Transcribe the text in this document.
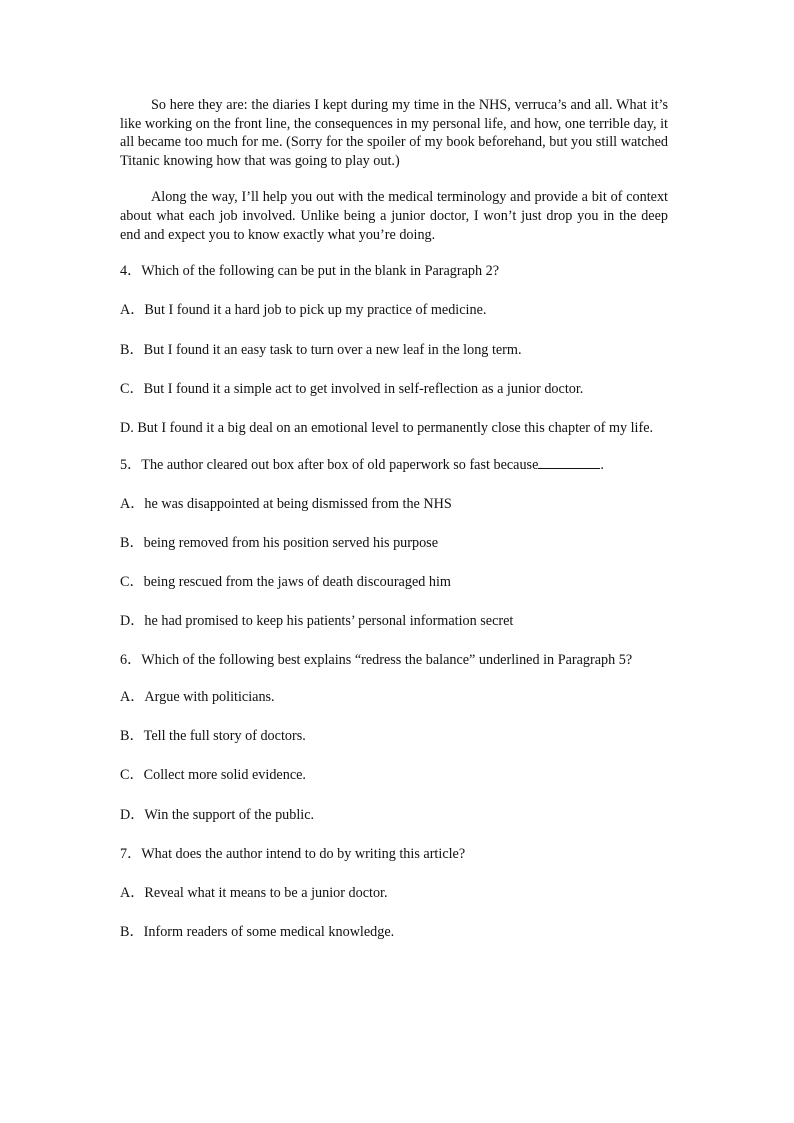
So here they are: the diaries I kept during my time in the NHS, verruca’s and all. What it’s like working on the front line, the consequences in my personal life, and how, one terrible day, it all became too much for me. (Sorry for the spoiler of my book beforehand, but you still watched Titanic knowing how that was going to play out.)

Along the way, I’ll help you out with the medical terminology and provide a bit of context about what each job involved. Unlike being a junior doctor, I won’t just drop you in the deep end and expect you to know exactly what you’re doing.

4．Which of the following can be put in the blank in Paragraph 2?

A．But I found it a hard job to pick up my practice of medicine.

B．But I found it an easy task to turn over a new leaf in the long term.

C．But I found it a simple act to get involved in self-reflection as a junior doctor.

D. But I found it a big deal on an emotional level to permanently close this chapter of my life.

5．The author cleared out box after box of old paperwork so fast because	.

A．he was disappointed at being dismissed from the NHS

B．being removed from his position served his purpose

C．being rescued from the jaws of death discouraged him

D．he had promised to keep his patients’ personal information secret

6．Which of the following best explains “redress the balance” underlined in Paragraph 5?

A．Argue with politicians.

B．Tell the full story of doctors.

C．Collect more solid evidence.

D．Win the support of the public.

7．What does the author intend to do by writing this article?

A．Reveal what it means to be a junior doctor.

B．Inform readers of some medical knowledge.
